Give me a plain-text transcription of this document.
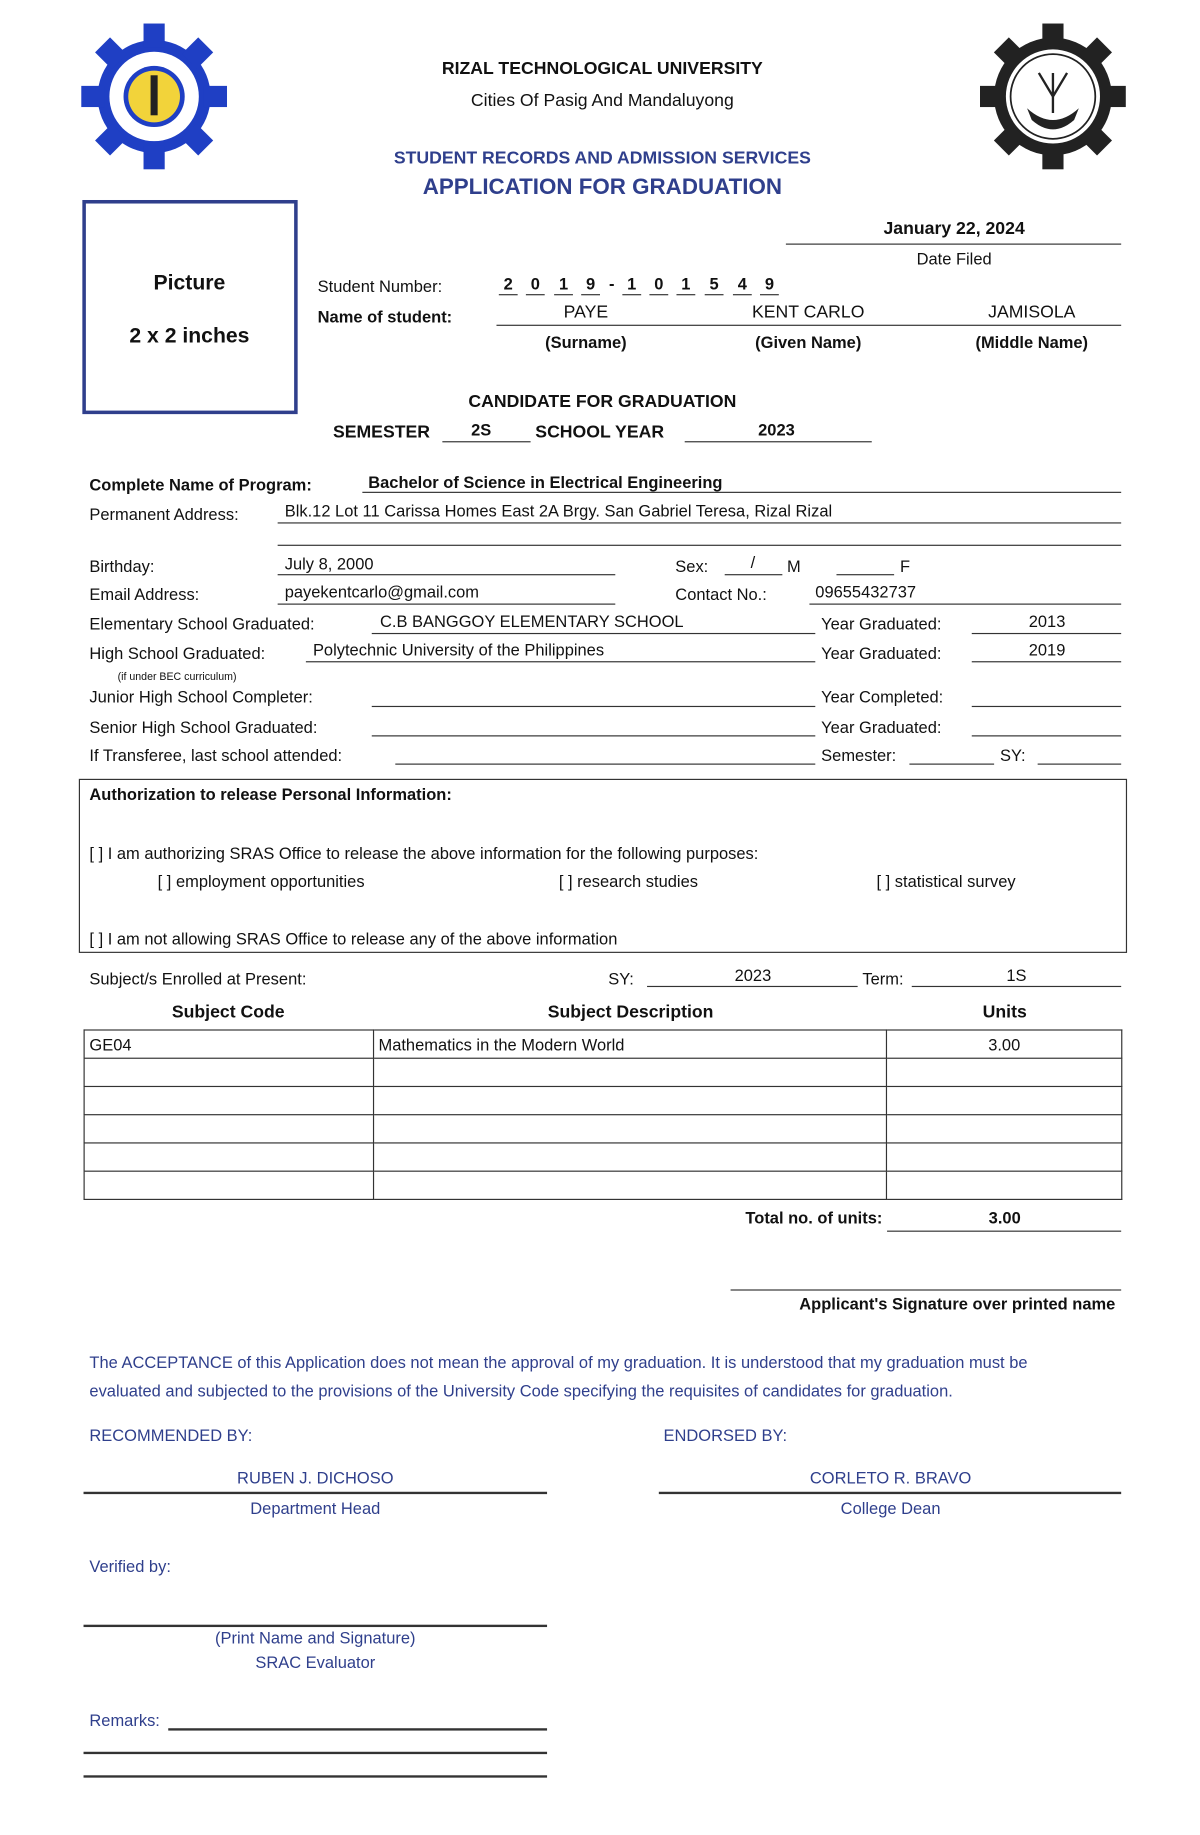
RIZAL TECHNOLOGICAL UNIVERSITY
Cities Of Pasig And Mandaluyong
STUDENT RECORDS AND ADMISSION SERVICES
APPLICATION FOR GRADUATION
Picture
2 x 2 inches
January 22, 2024
Date Filed
Student Number:	2 0 1 9 - 1 0 1 5 4 9
Name of student:	PAYE	KENT CARLO	JAMISOLA
(Surname)	(Given Name)	(Middle Name)
CANDIDATE FOR GRADUATION
SEMESTER	2S	SCHOOL YEAR	2023
Complete Name of Program:	Bachelor of Science in Electrical Engineering
Permanent Address:	Blk.12 Lot 11 Carissa Homes East 2A Brgy. San Gabriel Teresa, Rizal Rizal
Birthday:	July 8, 2000	Sex:	/ M	F
Email Address:	payekentcarlo@gmail.com	Contact No.:	09655432737
Elementary School Graduated:	C.B BANGGOY ELEMENTARY SCHOOL	Year Graduated:	2013
High School Graduated:	Polytechnic University of the Philippines	Year Graduated:	2019
(if under BEC curriculum)
Junior High School Completer:	Year Completed:
Senior High School Graduated:	Year Graduated:
If Transferee, last school attended:	Semester:	SY:
Authorization to release Personal Information:
[ ] I am authorizing SRAS Office to release the above information for the following purposes:
[ ] employment opportunities	[ ] research studies	[ ] statistical survey
[ ] I am not allowing SRAS Office to release any of the above information
Subject/s Enrolled at Present:	SY:	2023	Term:	1S
Subject Code	Subject Description	Units
GE04	Mathematics in the Modern World	3.00

Total no. of units:	3.00
Applicant's Signature over printed name
The ACCEPTANCE of this Application does not mean the approval of my graduation. It is understood that my graduation must be
evaluated and subjected to the provisions of the University Code specifying the requisites of candidates for graduation.
RECOMMENDED BY:	ENDORSED BY:
RUBEN J. DICHOSO
Department Head
CORLETO R. BRAVO
College Dean
Verified by:
(Print Name and Signature)
SRAC Evaluator
Remarks:
